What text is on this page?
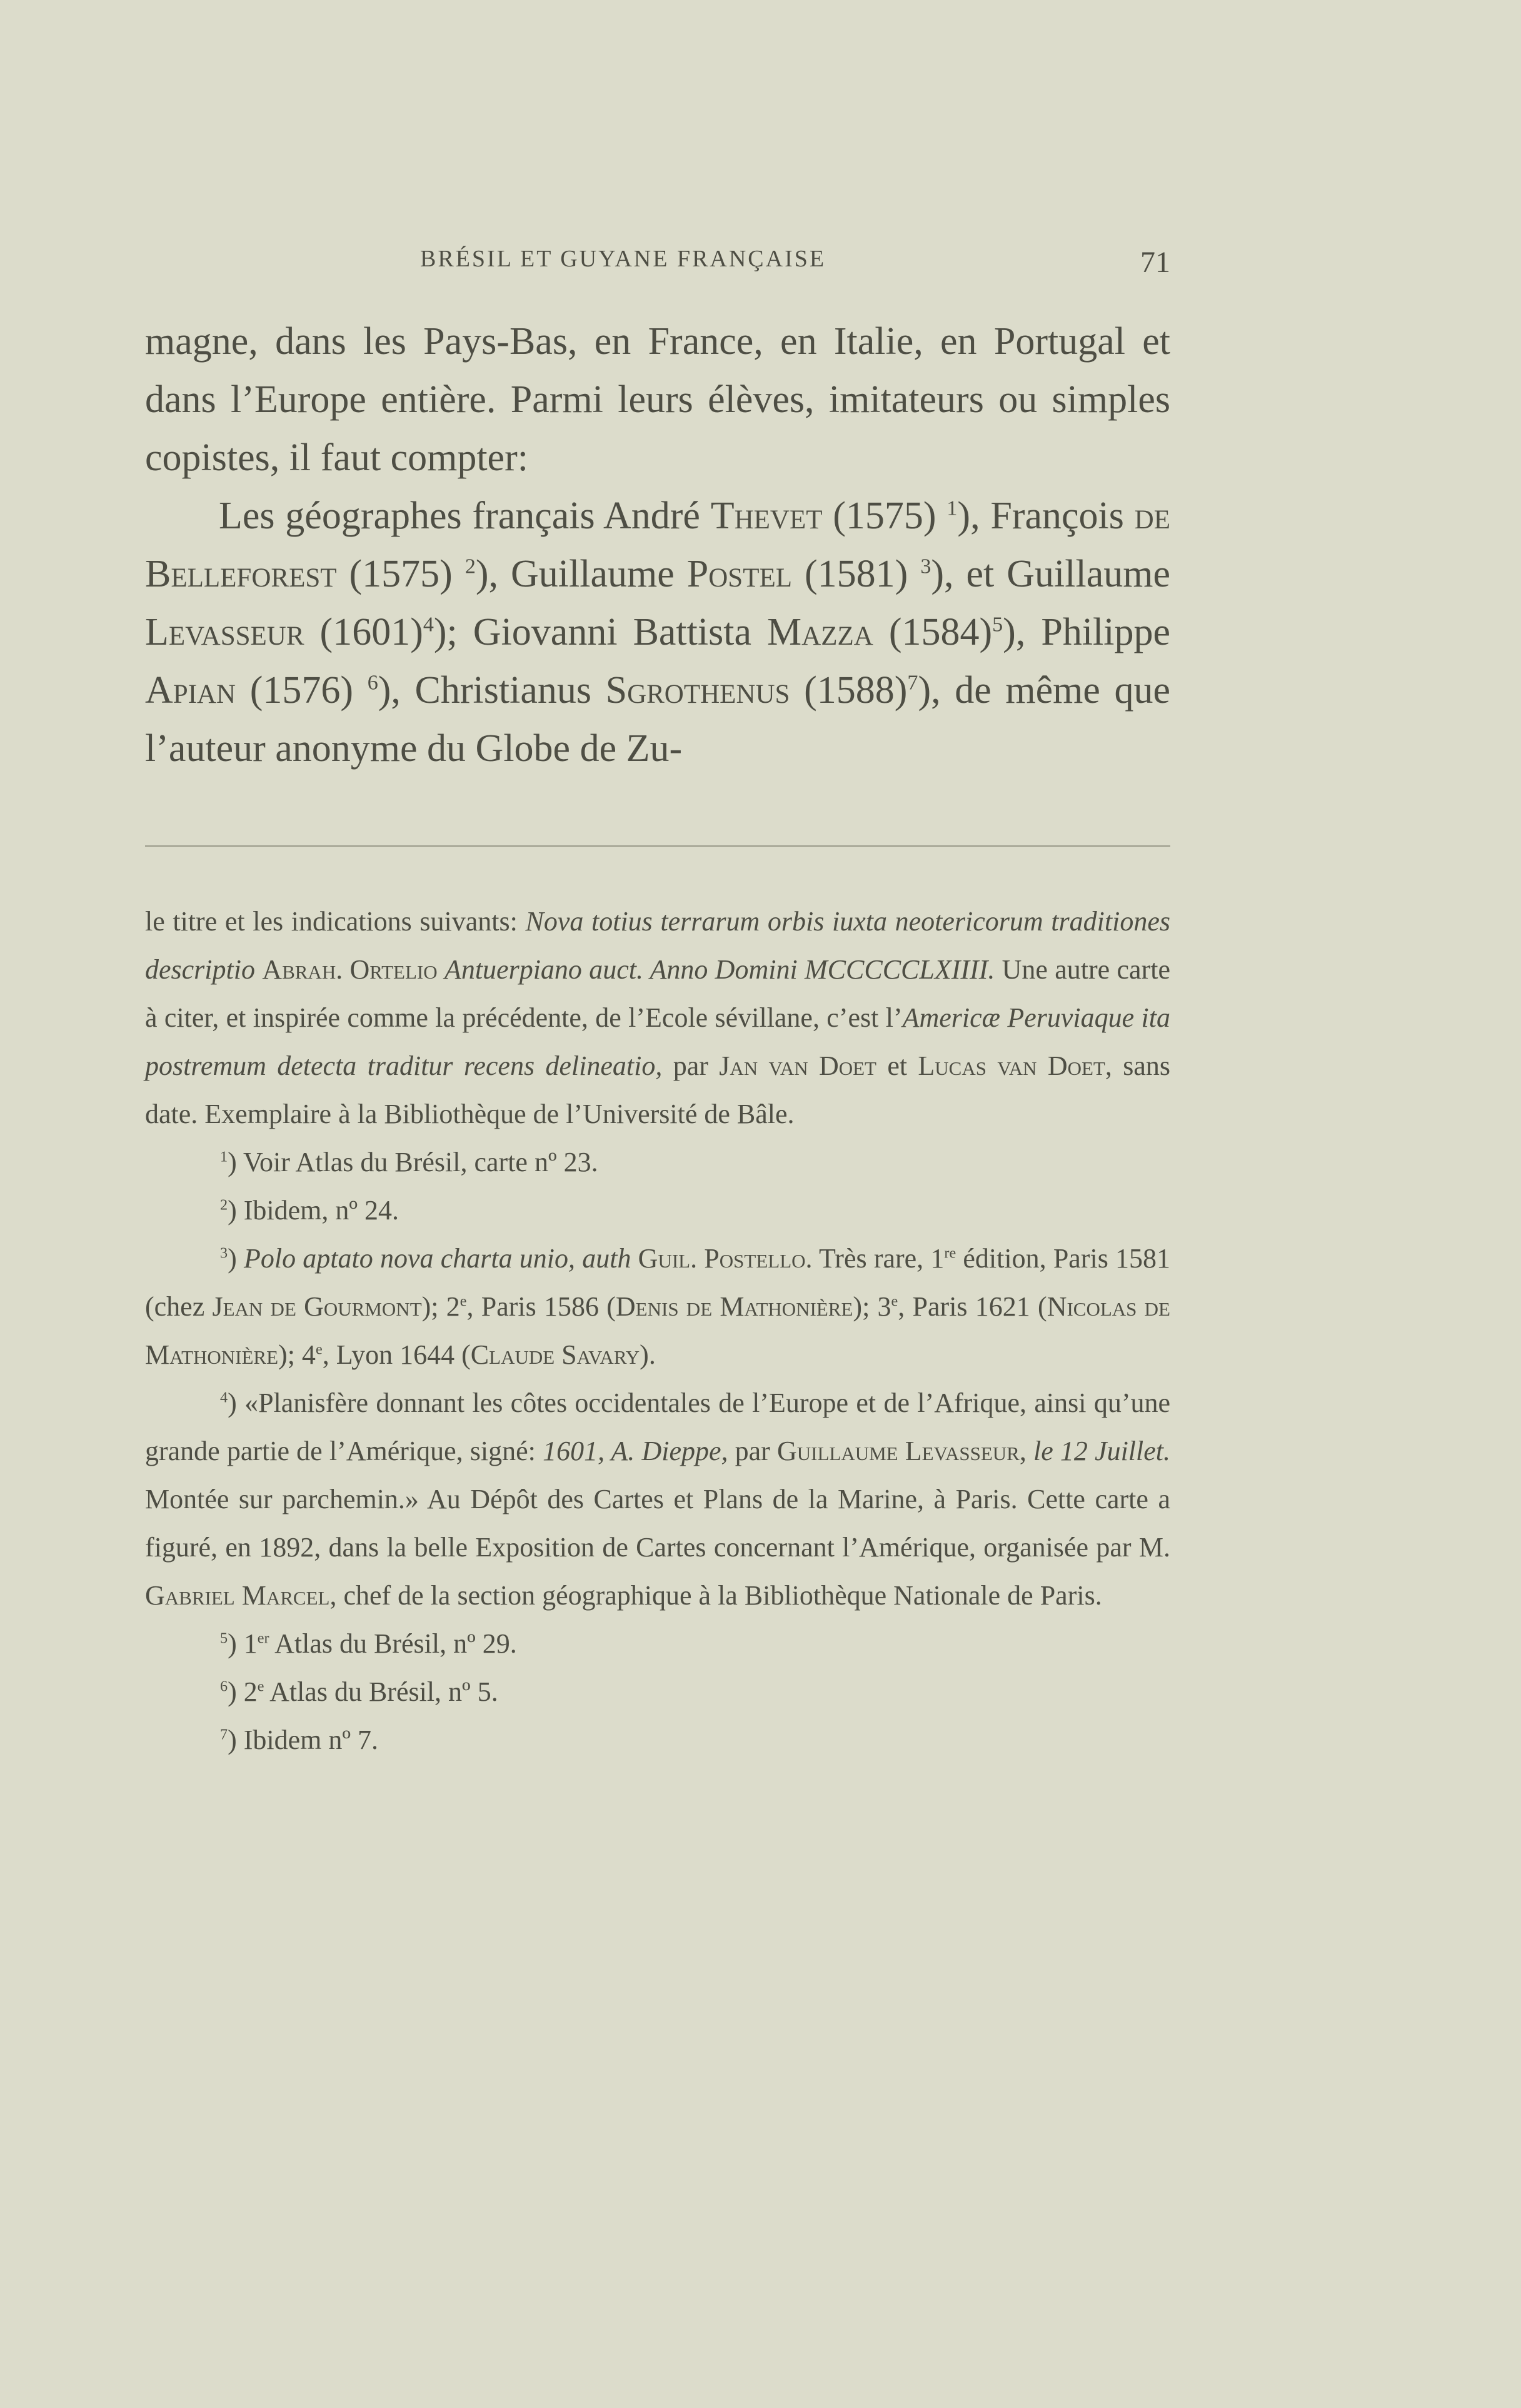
BRÉSIL ET GUYANE FRANÇAISE	71

magne, dans les Pays-Bas, en France, en Italie, en Portugal et dans l’Europe entière. Parmi leurs élèves, imitateurs ou simples copistes, il faut compter:

Les géographes français André Thevet (1575) $^1$), François de Belleforest (1575) $^2$), Guillaume Postel (1581) $^3$), et Guillaume Levasseur $(1601)^4$); Giovanni Battista Mazza $(1584)^5$), Philippe Apian (1576) $^6$), Christianus Sgrothenus $(1588)^7$), de même que l’auteur anonyme du Globe de Zu-

le titre et les indications suivants: Nova totius terrarum orbis iuxta neotericorum traditiones descriptio Abrah. Ortelio Antuerpiano auct. Anno Domini MCCCCCLXIIII. Une autre carte à citer, et inspirée comme la précédente, de l’Ecole sévillane, c’est l’Americæ Peruviaque ita postremum detecta traditur recens delineatio, par Jan van Doet et Lucas van Doet, sans date. Exemplaire à la Bibliothèque de l’Université de Bâle.

$^1$) Voir Atlas du Brésil, carte nº 23.

$^2$) Ibidem, nº 24.

$^3$) Polo aptato nova charta unio, auth Guil. Postello. Très rare, 1re édition, Paris 1581 (chez Jean de Gourmont); 2e, Paris 1586 (Denis de Mathonière); 3e, Paris 1621 (Nicolas de Mathonière); 4e, Lyon 1644 (Claude Savary).

$^4$) «Planisfère donnant les côtes occidentales de l’Europe et de l’Afrique, ainsi qu’une grande partie de l’Amérique, signé: 1601, A. Dieppe, par Guillaume Levasseur, le 12 Juillet. Montée sur parchemin.» Au Dépôt des Cartes et Plans de la Marine, à Paris. Cette carte a figuré, en 1892, dans la belle Exposition de Cartes concernant l’Amérique, organisée par M. Gabriel Marcel, chef de la section géographique à la Bibliothèque Nationale de Paris.

$^5$) 1er Atlas du Brésil, nº 29.

$^6$) 2e Atlas du Brésil, nº 5.

$^7$) Ibidem nº 7.
